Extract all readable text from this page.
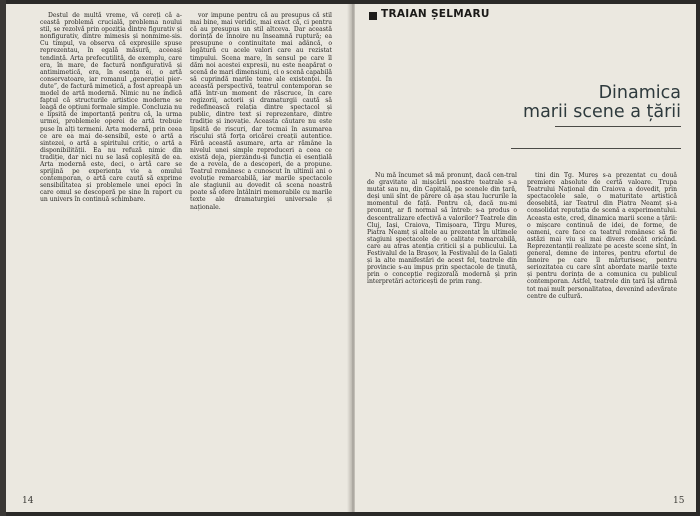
Destul de multă vreme, vă cereți că a-ceastă problemă crucială, problema noului stil, se rezolvă prin opoziția dintre figurativ și nonfigurativ, dintre mimesis și nonmime-sis. Cu timpul, va observa că expresiile spuse reprezentau, în egală măsură, aceeași tendință. Arta prefecutilită, de exemplu, care era, în mare, de factură nonfigurativă și antimimetică, era, în esența ei, o artă conservatoare, iar romanul „generației pier-dute”, de factură mimetică, a fost apreapă un model de artă modernă. Nimic nu ne indică faptul că structurile artistice moderne se leagă de opțiuni formale simple. Concluzia nu e lipsită de importanță pentru că, la urma urmei, problemele operei de artă trebuie puse în alți termeni. Arta modernă, prin ceea ce are ea mai de-sensibil, este o artă a sintezei, o artă a spiritului critic, o artă a disponibilității. Ea nu refuză nimic din tradiție, dar nici nu se lasă copleșită de ea. Arta modernă este, deci, o artă care se sprijină pe experiența vie a omului contemporan, o artă care caută să exprime sensibilitatea și problemele unei epoci în care omul se descoperă pe sine în raport cu un univers în continuă schimbare.

vor impune pentru că au presupus că stil mai bine, mai veridic, mai exact că, ci pentru că au presupus un stil altceva. Dar această dorință de înnoire nu înseamnă ruptură; ea presupune o continuitate mai adâncă, o legătură cu acele valori care au rezistat timpului. Scena mare, în sensul pe care îl dăm noi acestei expresii, nu este neapărat o scenă de mari dimensiuni, ci o scenă capabilă să cuprindă marile teme ale existenței. În această perspectivă, teatrul contemporan se află într-un moment de răscruce, în care regizorii, actorii și dramaturgii caută să redefinească relația dintre spectacol și public, dintre text și reprezentare, dintre tradiție și inovație. Aceasta căutare nu este lipsită de riscuri, dar tocmai în asumarea riscului stă forța oricărei creații autentice. Fără această asumare, arta ar rămâne la nivelul unei simple reproduceri a ceea ce există deja, pierzându-și funcția ei esențială de a revela, de a descoperi, de a propune. Teatrul românesc a cunoscut în ultimii ani o evoluție remarcabilă, iar marile spectacole ale stagiunii au dovedit că scena noastră poate să ofere întâlniri memorabile cu marile texte ale dramaturgiei universale și naționale.

14
TRAIAN ȘELMARU
Dinamica
marii scene a țării

Nu mă încumet să mă pronunț, dacă cen-tral de gravitate al mișcării noastre teatrale s-a mutat sau nu, din Capitală, pe scenele din țară, deși unii sînt de părere că așa stau lucrurile la momentul de față. Pentru că, dacă nu-mi pronunț, ar fi normal să întreb: s-a produs o descentralizare efectivă a valorilor? Teatrele din Cluj, Iași, Craiova, Timișoara, Tîrgu Mureș, Piatra Neamț și altele au prezentat în ultimele stagiuni spectacole de o calitate remarcabilă, care au atras atenția criticii și a publicului. La Festivalul de la Brașov, la Festivalul de la Galați și la alte manifestări de acest fel, teatrele din provincie s-au impus prin spectacole de ținută, prin o concepție regizorală modernă și prin interpretări actoricești de prim rang.

tini din Tg. Mureș s-a prezentat cu două premiere absolute de certă valoare. Trupa Teatrului Național din Craiova a dovedit, prin spectacolele sale, o maturitate artistică deosebită, iar Teatrul din Piatra Neamț și-a consolidat reputația de scenă a experimentului. Aceasta este, cred, dinamica marii scene a țării: o mișcare continuă de idei, de forme, de oameni, care face ca teatrul românesc să fie astăzi mai viu și mai divers decât oricând. Reprezentanții realizate pe aceste scene sînt, în general, demne de interes, pentru efortul de înnoire pe care îl mărturisesc, pentru seriozitatea cu care sînt abordate marile texte și pentru dorința de a comunica cu publicul contemporan. Astfel, teatrele din țară își afirmă tot mai mult personalitatea, devenind adevărate centre de cultură.

15
